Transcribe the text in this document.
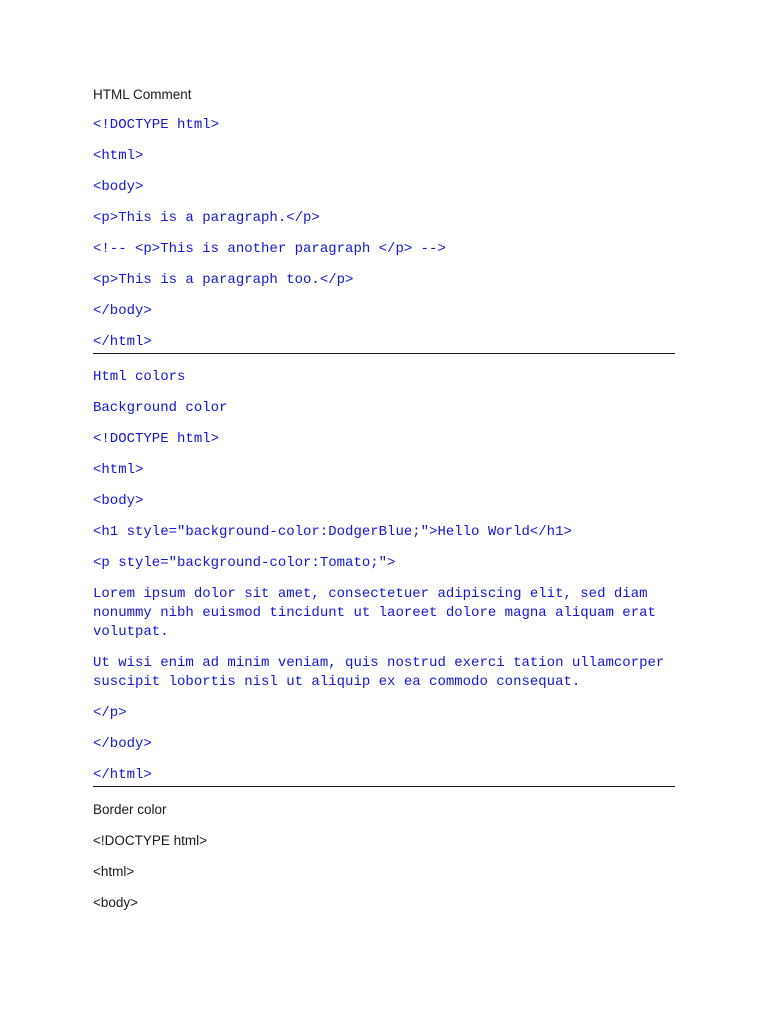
HTML Comment

<!DOCTYPE html>

<html>

<body>

<p>This is a paragraph.</p>

<!-- <p>This is another paragraph </p> -->

<p>This is a paragraph too.</p>

</body>

</html>

Html colors

Background color

<!DOCTYPE html>

<html>

<body>

<h1 style="background-color:DodgerBlue;">Hello World</h1>

<p style="background-color:Tomato;">

Lorem ipsum dolor sit amet, consectetuer adipiscing elit, sed diam nonummy nibh euismod tincidunt ut laoreet dolore magna aliquam erat volutpat.

Ut wisi enim ad minim veniam, quis nostrud exerci tation ullamcorper suscipit lobortis nisl ut aliquip ex ea commodo consequat.

</p>

</body>

</html>

Border color

<!DOCTYPE html>

<html>

<body>
